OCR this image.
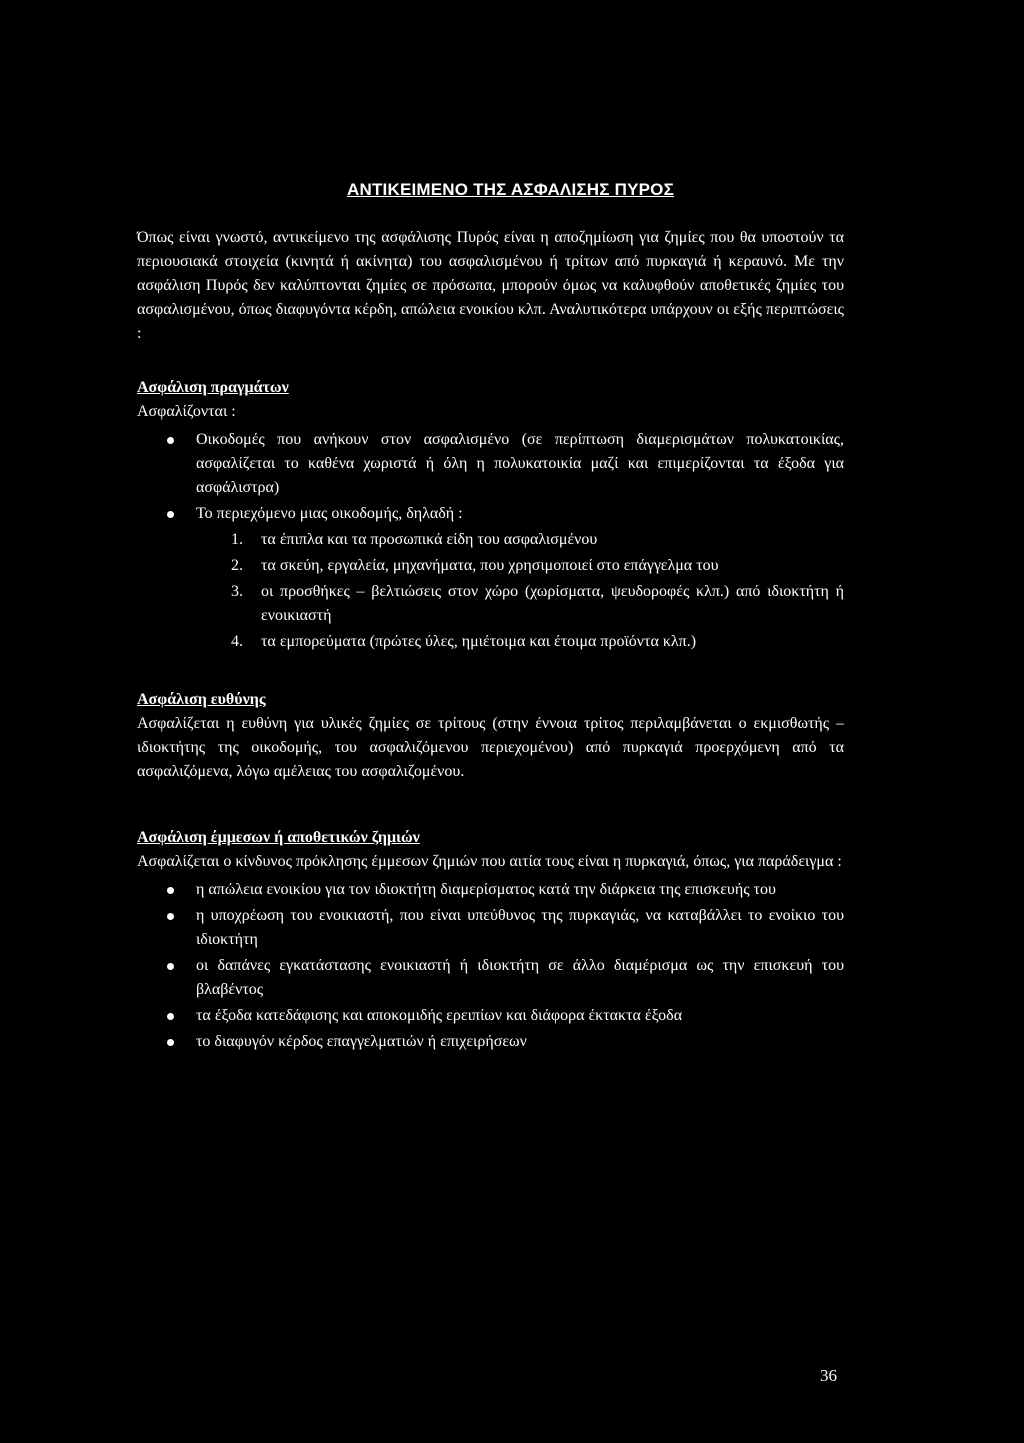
ΑΝΤΙΚΕΙΜΕΝΟ ΤΗΣ ΑΣΦΑΛΙΣΗΣ ΠΥΡΟΣ

Όπως είναι γνωστό, αντικείμενο της ασφάλισης Πυρός είναι η αποζημίωση για ζημίες που θα υποστούν τα περιουσιακά στοιχεία (κινητά ή ακίνητα) του ασφαλισμένου ή τρίτων από πυρκαγιά ή κεραυνό. Με την ασφάλιση Πυρός δεν καλύπτονται ζημίες σε πρόσωπα, μπορούν όμως να καλυφθούν αποθετικές ζημίες του ασφαλισμένου, όπως διαφυγόντα κέρδη, απώλεια ενοικίου κλπ. Αναλυτικότερα υπάρχουν οι εξής περιπτώσεις :

Ασφάλιση πραγμάτων

Ασφαλίζονται :

Οικοδομές που ανήκουν στον ασφαλισμένο (σε περίπτωση διαμερισμάτων πολυκατοικίας, ασφαλίζεται το καθένα χωριστά ή όλη η πολυκατοικία μαζί και επιμερίζονται τα έξοδα για ασφάλιστρα)
Το περιεχόμενο μιας οικοδομής, δηλαδή :
1. τα έπιπλα και τα προσωπικά είδη του ασφαλισμένου
2. τα σκεύη, εργαλεία, μηχανήματα, που χρησιμοποιεί στο επάγγελμα του
3. οι προσθήκες – βελτιώσεις στον χώρο (χωρίσματα, ψευδοροφές κλπ.) από ιδιοκτήτη ή ενοικιαστή
4. τα εμπορεύματα (πρώτες ύλες, ημιέτοιμα και έτοιμα προϊόντα κλπ.)

Ασφάλιση ευθύνης

Ασφαλίζεται η ευθύνη για υλικές ζημίες σε τρίτους (στην έννοια τρίτος περιλαμβάνεται ο εκμισθωτής – ιδιοκτήτης της οικοδομής, του ασφαλιζόμενου περιεχομένου) από πυρκαγιά προερχόμενη από τα ασφαλιζόμενα, λόγω αμέλειας του ασφαλιζομένου.

Ασφάλιση έμμεσων ή αποθετικών ζημιών

Ασφαλίζεται ο κίνδυνος πρόκλησης έμμεσων ζημιών που αιτία τους είναι η πυρκαγιά, όπως, για παράδειγμα :

η απώλεια ενοικίου για τον ιδιοκτήτη διαμερίσματος κατά την διάρκεια της επισκευής του
η υποχρέωση του ενοικιαστή, που είναι υπεύθυνος της πυρκαγιάς, να καταβάλλει το ενοίκιο του ιδιοκτήτη
οι δαπάνες εγκατάστασης ενοικιαστή ή ιδιοκτήτη σε άλλο διαμέρισμα ως την επισκευή του βλαβέντος
τα έξοδα κατεδάφισης και αποκομιδής ερειπίων και διάφορα έκτακτα έξοδα
το διαφυγόν κέρδος επαγγελματιών ή επιχειρήσεων
36
